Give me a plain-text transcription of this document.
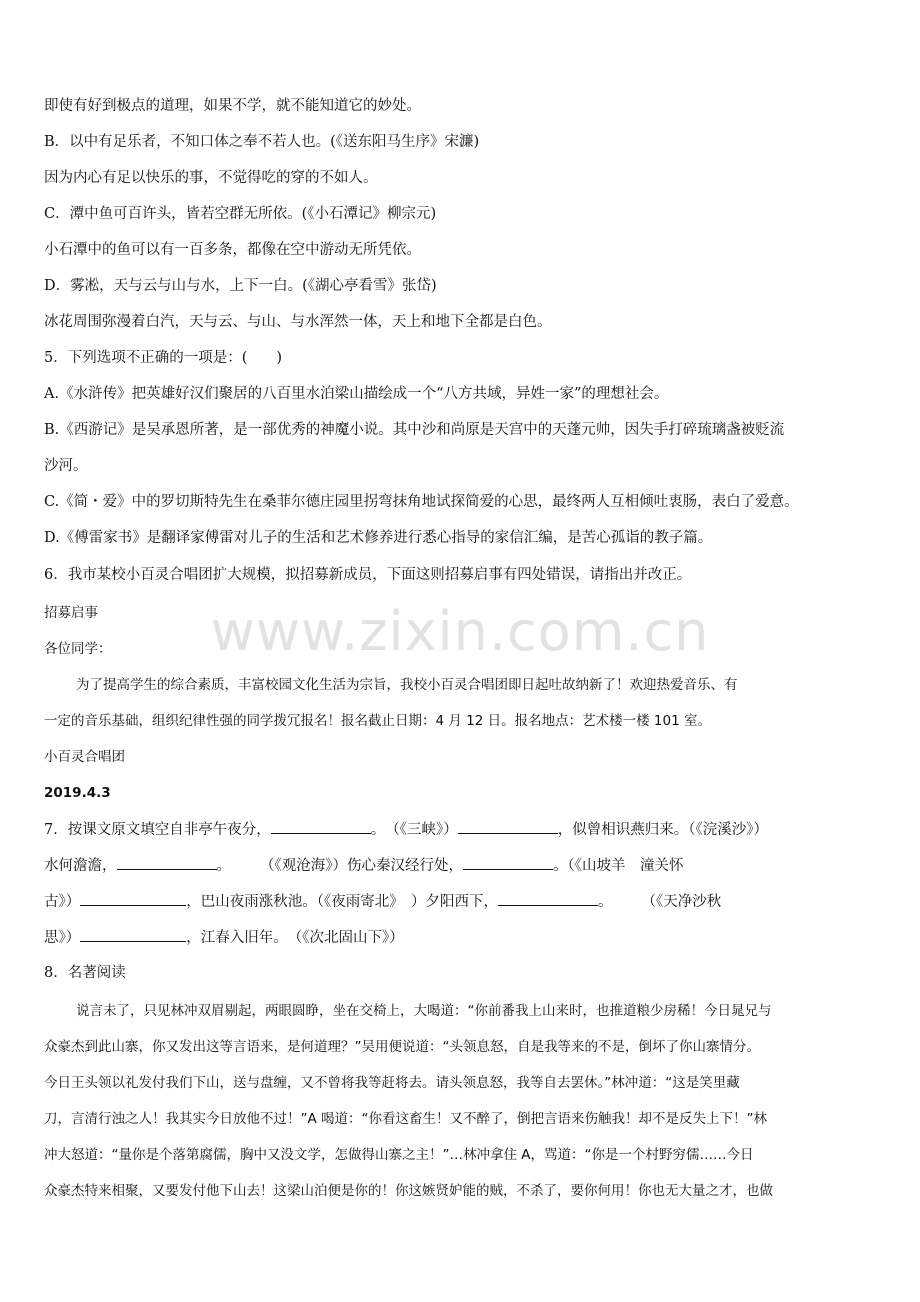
www.zixin.com.cn
即使有好到极点的道理，如果不学，就不能知道它的妙处。
B．以中有足乐者，不知口体之奉不若人也。(《送东阳马生序》宋濂)
因为内心有足以快乐的事，不觉得吃的穿的不如人。
C．潭中鱼可百许头，皆若空群无所依。(《小石潭记》柳宗元)
小石潭中的鱼可以有一百多条，都像在空中游动无所凭依。
D．雾凇，天与云与山与水，上下一白。(《湖心亭看雪》张岱)
冰花周围弥漫着白汽，天与云、与山、与水浑然一体，天上和地下全都是白色。
5．下列选项不正确的一项是：(　　)
A.《水浒传》把英雄好汉们聚居的八百里水泊梁山描绘成一个“八方共域，异姓一家”的理想社会。
B.《西游记》是吴承恩所著，是一部优秀的神魔小说。其中沙和尚原是天宫中的天蓬元帅，因失手打碎琉璃盏被贬流
沙河。
C.《简・爱》中的罗切斯特先生在桑菲尔德庄园里拐弯抹角地试探简爱的心思，最终两人互相倾吐衷肠，表白了爱意。
D.《傅雷家书》是翻译家傅雷对儿子的生活和艺术修养进行悉心指导的家信汇编，是苦心孤诣的教子篇。
6．我市某校小百灵合唱团扩大规模，拟招募新成员，下面这则招募启事有四处错误，请指出并改正。
招募启事
各位同学：
为了提高学生的综合素质，丰富校园文化生活为宗旨，我校小百灵合唱团即日起吐故纳新了！欢迎热爱音乐、有
一定的音乐基础，组织纪律性强的同学拨冗报名！报名截止日期：4 月 12 日。报名地点：艺术楼一楼 101 室。
小百灵合唱团
2019.4.3
7．按课文原文填空自非亭午夜分，	。　（《三峡》）	，似曾相识燕归来。（《浣溪沙》）
水何澹澹，	。　　　（《观沧海》）伤心秦汉经行处，	。（《山坡羊　潼关怀
古》）	，巴山夜雨涨秋池。（《夜雨寄北》　）夕阳西下，	。　　　（《天净沙秋
思》）	，江春入旧年。　（《次北固山下》）
8．名著阅读
说言未了，只见林冲双眉剔起，两眼圆睁，坐在交椅上，大喝道：“你前番我上山来时，也推道粮少房稀！今日晁兄与
众豪杰到此山寨，你又发出这等言语来，是何道理？”吴用便说道：“头领息怒，自是我等来的不是，倒坏了你山寨情分。
今日王头领以礼发付我们下山，送与盘缠，又不曾将我等赶将去。请头领息怒，我等自去罢休。”林冲道：“这是笑里藏
刀，言清行浊之人！我其实今日放他不过！”A 喝道：“你看这畜生！又不醉了，倒把言语来伤触我！却不是反失上下！”林
冲大怒道：“量你是个落第腐儒，胸中又没文学，怎做得山寨之主！”…林冲拿住 A，骂道：“你是一个村野穷儒……今日
众豪杰特来相聚，又要发付他下山去！这梁山泊便是你的！你这嫉贤妒能的贼，不杀了，要你何用！你也无大量之才，也做
